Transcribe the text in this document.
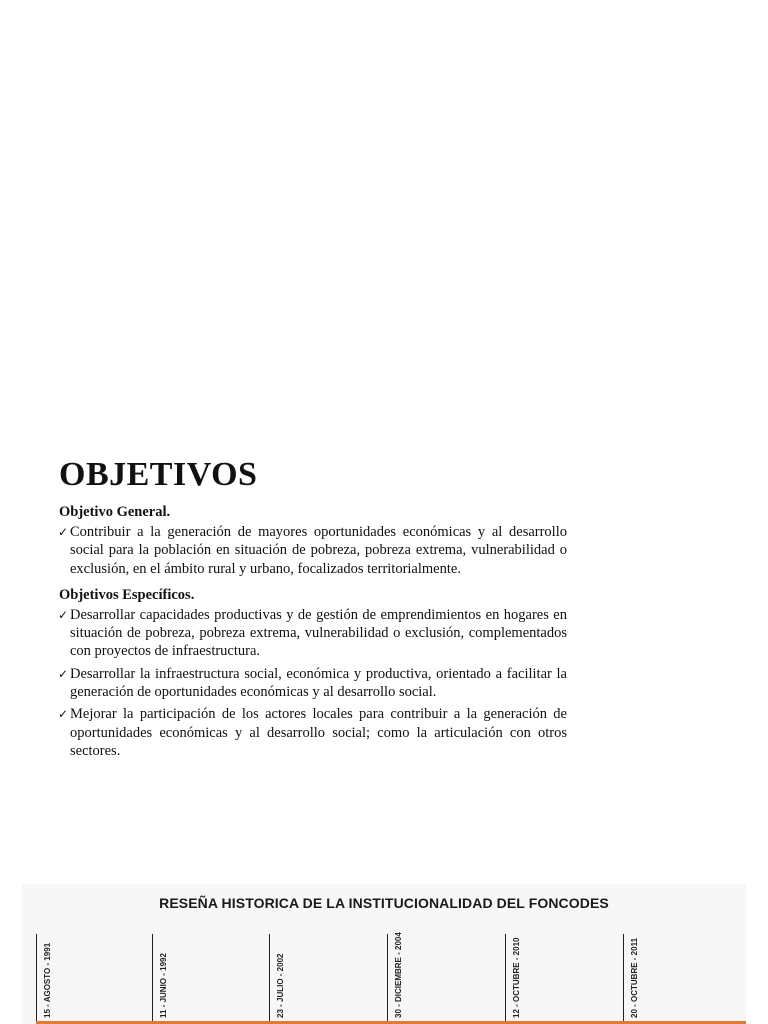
OBJETIVOS
Objetivo General.
✓ Contribuir a la generación de mayores oportunidades económicas y al desarrollo social para la población en situación de pobreza, pobreza extrema, vulnerabilidad o exclusión, en el ámbito rural y urbano, focalizados territorialmente.
Objetivos Específicos.
✓ Desarrollar capacidades productivas y de gestión de emprendimientos en hogares en situación de pobreza, pobreza extrema, vulnerabilidad o exclusión, complementados con proyectos de infraestructura.
✓ Desarrollar la infraestructura social, económica y productiva, orientado a facilitar la generación de oportunidades económicas y al desarrollo social.
✓ Mejorar la participación de los actores locales para contribuir a la generación de oportunidades económicas y al desarrollo social; como la articulación con otros sectores.
RESEÑA HISTORICA DE LA INSTITUCIONALIDAD DEL FONCODES
15 - AGOSTO - 1991	11 - JUNIO - 1992	23 - JULIO - 2002	30 - DICIEMBRE - 2004	12 - OCTUBRE - 2010	20 - OCTUBRE - 2011
